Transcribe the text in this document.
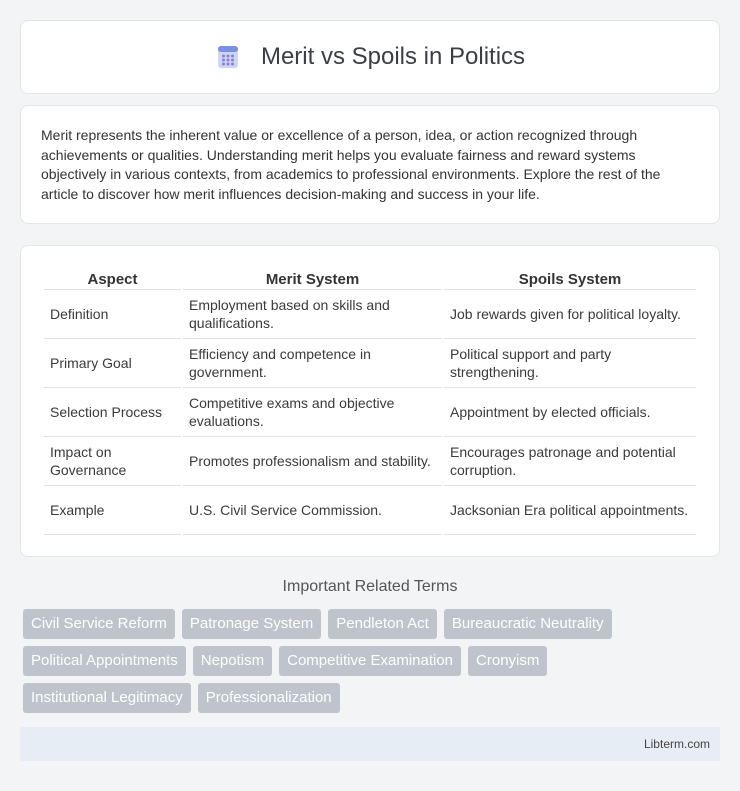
Merit vs Spoils in Politics

Merit represents the inherent value or excellence of a person, idea, or action recognized through achievements or qualities. Understanding merit helps you evaluate fairness and reward systems objectively in various contexts, from academics to professional environments. Explore the rest of the article to discover how merit influences decision-making and success in your life.

Aspect	Merit System	Spoils System
Definition	Employment based on skills and qualifications.	Job rewards given for political loyalty.
Primary Goal	Efficiency and competence in government.	Political support and party strengthening.
Selection Process	Competitive exams and objective evaluations.	Appointment by elected officials.
Impact on Governance	Promotes professionalism and stability.	Encourages patronage and potential corruption.
Example	U.S. Civil Service Commission.	Jacksonian Era political appointments.
Important Related Terms
Civil Service Reform	Patronage System	Pendleton Act	Bureaucratic Neutrality
Political Appointments	Nepotism	Competitive Examination	Cronyism
Institutional Legitimacy	Professionalization
Libterm.com
